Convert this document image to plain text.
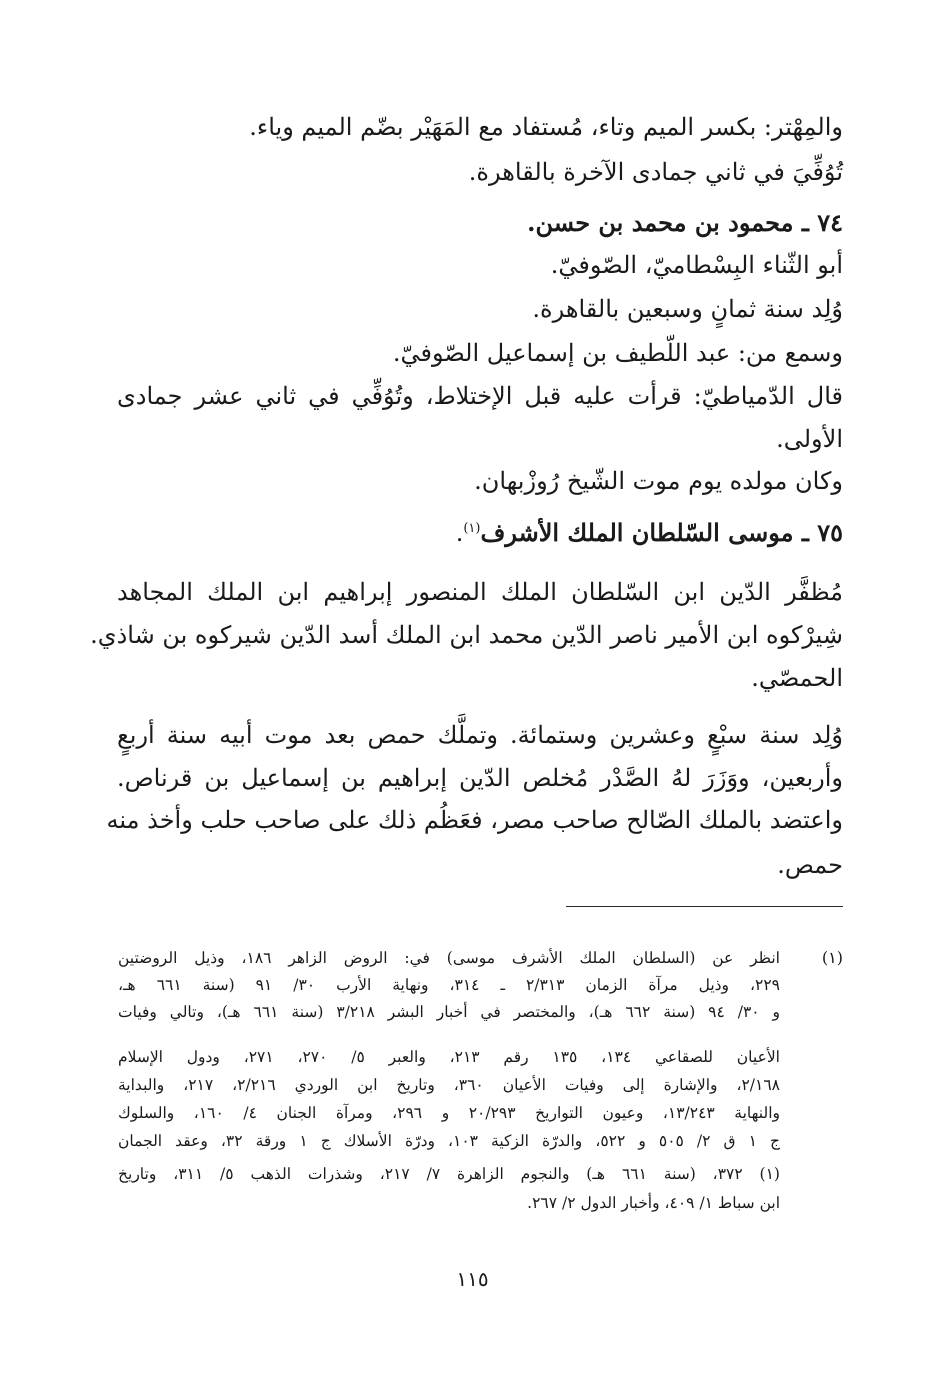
والمِهْتر: بكسر الميم وتاء، مُستفاد مع المَهَيْر بضّم الميم وياء.
تُوُفِّيَ في ثاني جمادى الآخرة بالقاهرة.
٧٤ ـ محمود بن محمد بن حسن.
أبو الثّناء البِسْطاميّ، الصّوفيّ.
وُلِد سنة ثمانٍ وسبعين بالقاهرة.
وسمع من: عبد اللّطيف بن إسماعيل الصّوفيّ.
قال الدّمياطيّ: قرأت عليه قبل الإختلاط، وتُوُفِّي في ثاني عشر جمادى
الأولى.
وكان مولده يوم موت الشّيخ رُوزْبهان.
٧٥ ـ موسى السّلطان الملك الأشرف$^{(١)}$.
مُظفَّر الدّين ابن السّلطان الملك المنصور إبراهيم ابن الملك المجاهد
شِيرْكوه ابن الأمير ناصر الدّين محمد ابن الملك أسد الدّين شيركوه بن شاذي.
الحمصّي.
وُلِد سنة سبْعٍ وعشرين وستمائة. وتملَّك حمص بعد موت أبيه سنة أربعٍ
وأربعين، ووَزَرَ لهُ الصَّدْر مُخلص الدّين إبراهيم بن إسماعيل بن قرناص.
واعتضد بالملك الصّالح صاحب مصر، فعَظُم ذلك على صاحب حلب وأخذ منه
حمص.
(١)
انظر عن (السلطان الملك الأشرف موسى) في: الروض الزاهر ١٨٦، وذيل الروضتين
٢٢٩، وذيل مرآة الزمان ٢/٣١٣ ـ ٣١٤، ونهاية الأرب ٣٠/ ٩١ (سنة ٦٦١ هـ،
و ٣٠/ ٩٤ (سنة ٦٦٢ هـ)، والمختصر في أخبار البشر ٣/٢١٨ (سنة ٦٦١ هـ)، وتالي وفيات
الأعيان للصقاعي ١٣٤، ١٣٥ رقم ٢١٣، والعبر ٥/ ٢٧٠، ٢٧١، ودول الإسلام
٢/١٦٨، والإشارة إلى وفيات الأعيان ٣٦٠، وتاريخ ابن الوردي ٢/٢١٦، ٢١٧، والبداية
والنهاية ١٣/٢٤٣، وعيون التواريخ ٢٠/٢٩٣ و ٢٩٦، ومرآة الجنان ٤/ ١٦٠، والسلوك
ج ١ ق ٢/ ٥٠٥ و ٥٢٢، والدرّة الزكية ١٠٣، ودرّة الأسلاك ج ١ ورقة ٣٢، وعقد الجمان
(١) ٣٧٢، (سنة ٦٦١ هـ) والنجوم الزاهرة ٧/ ٢١٧، وشذرات الذهب ٥/ ٣١١، وتاريخ
ابن سباط ١/ ٤٠٩، وأخبار الدول ٢/ ٢٦٧.
١١٥
